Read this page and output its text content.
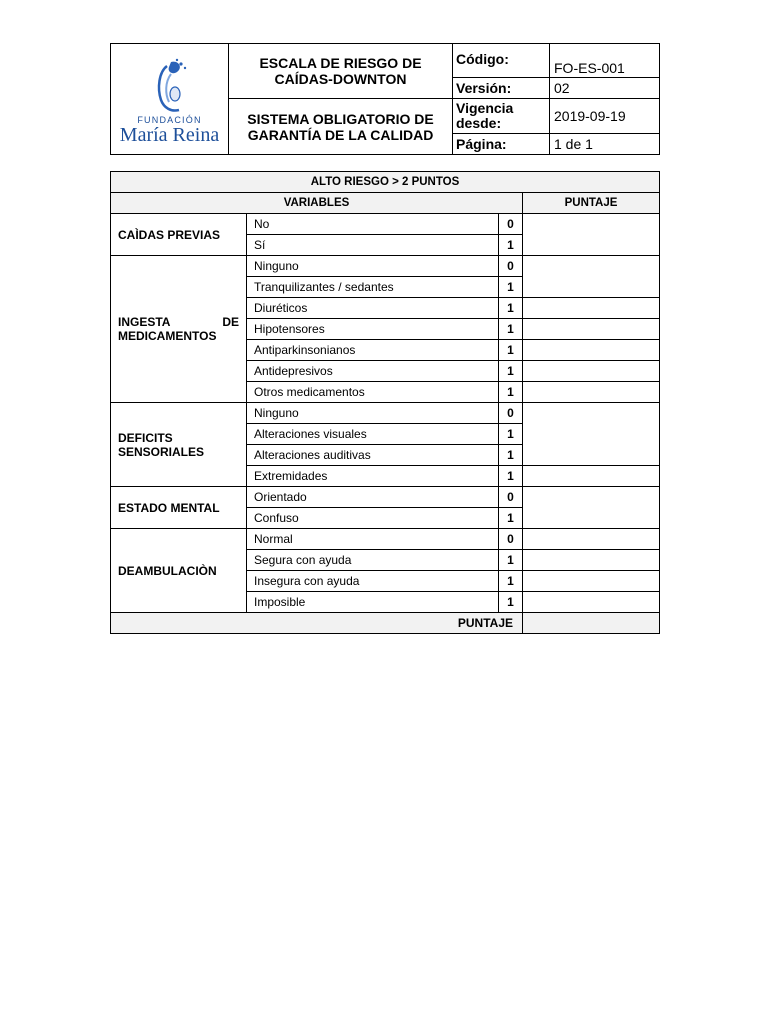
FUNDACIÓN
María Reina	ESCALA DE RIESGO DE CAÍDAS-DOWNTON	Código:	FO-ES-001
		Versión:	02
	SISTEMA OBLIGATORIO DE GARANTÍA DE LA CALIDAD	Vigencia desde:	2019-09-19
		Página:	1 de 1
ALTO RIESGO > 2 PUNTOS			
VARIABLES			PUNTAJE
CAÌDAS PREVIAS	No	0	
	Sí	1	
INGESTA DE MEDICAMENTOS	Ninguno	0	
	Tranquilizantes / sedantes	1	
	Diuréticos	1	
	Hipotensores	1	
	Antiparkinsonianos	1	
	Antidepresivos	1	
	Otros medicamentos	1	
DEFICITS SENSORIALES	Ninguno	0	
	Alteraciones visuales	1	
	Alteraciones auditivas	1	
	Extremidades	1	
ESTADO MENTAL	Orientado	0	
	Confuso	1	
DEAMBULACIÒN	Normal	0	
	Segura con ayuda	1	
	Insegura con ayuda	1	
	Imposible	1	
PUNTAJE			
